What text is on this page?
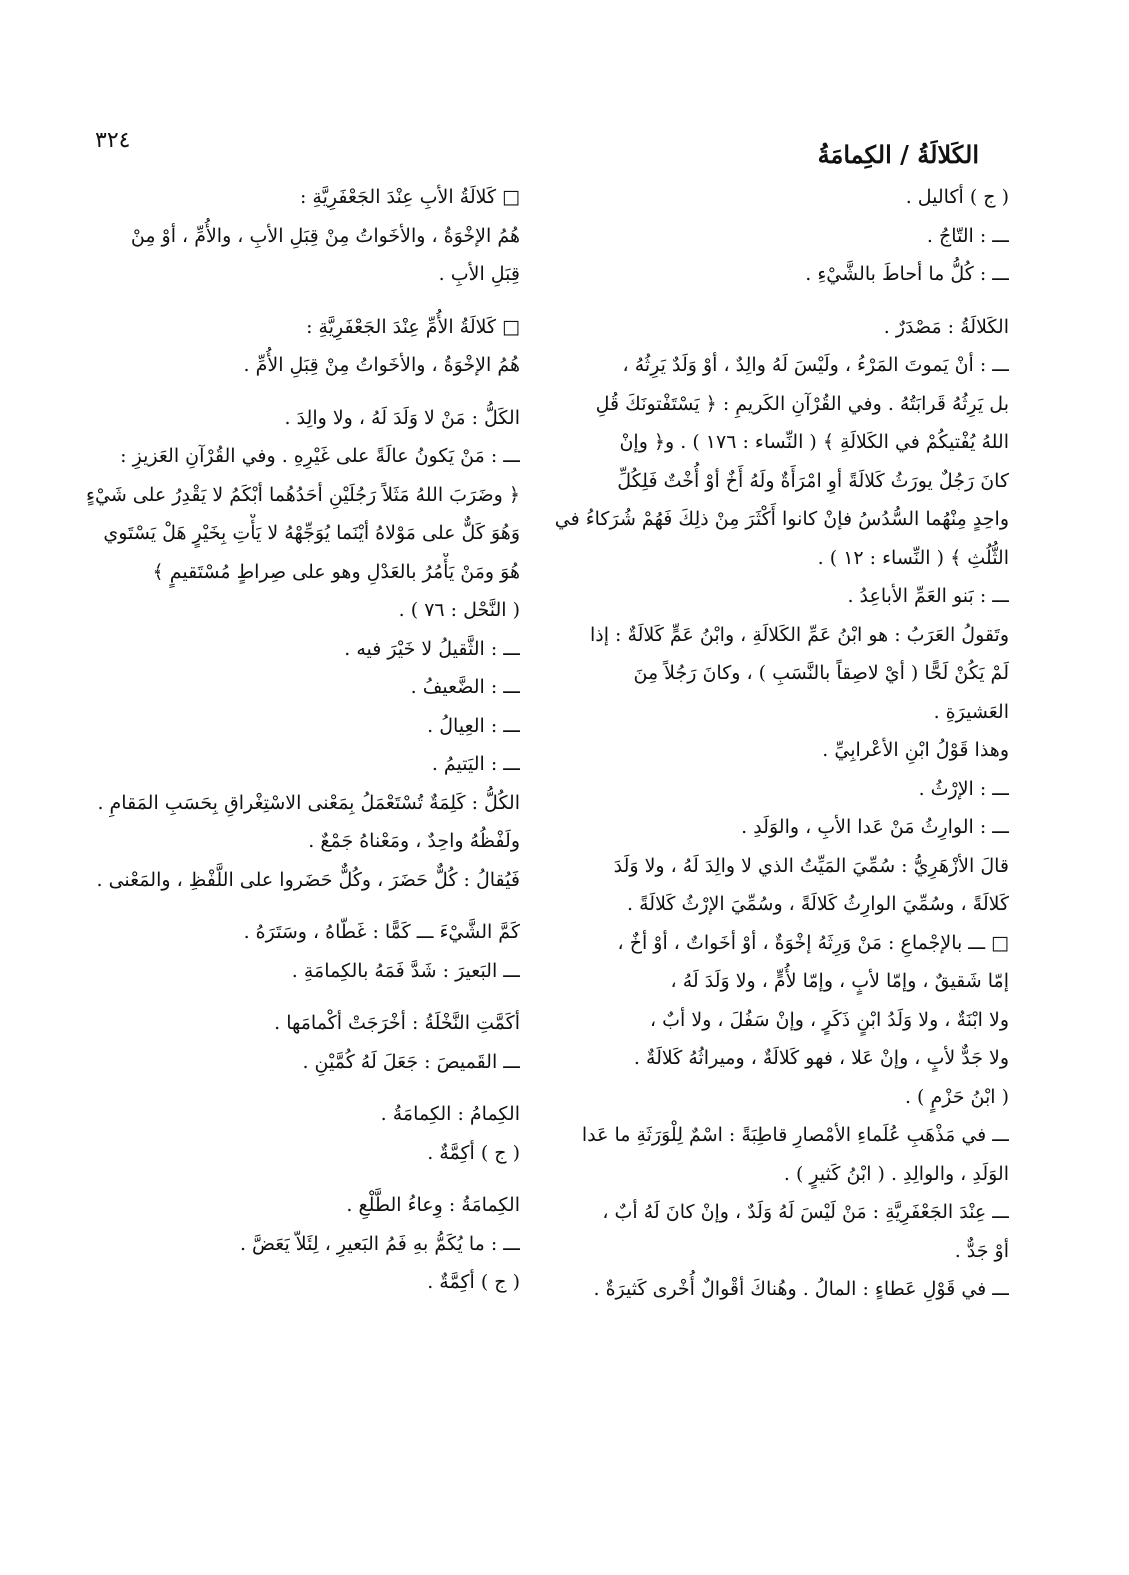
٣٢٤	الكَلالَةُ / الكِمامَةُ
( ج ) أكاليل .
ـــ : التّاجُ .
ـــ : كُلُّ ما أحاطَ بالشَّيْءِ .
الكَلالَةُ : مَصْدَرٌ .
ـــ : أنْ يَموتَ المَرْءُ ، ولَيْسَ لَهُ والِدٌ ، أوْ وَلَدٌ يَرِثُهُ ،
بل يَرِثُهُ قَرابَتُهُ . وفي القُرْآنِ الكَريمِ : ﴿ يَسْتَفْتونَكَ قُلِ
اللهُ يُفْتيكُمْ في الكَلالَةِ ﴾ ( النِّساء : ١٧٦ ) . و﴿ وإنْ
كانَ رَجُلٌ يورَثُ كَلالَةً أوِ امْرَأَةٌ ولَهُ أَخٌ أوْ أُخْتٌ فَلِكُلِّ
واحِدٍ مِنْهُما السُّدُسُ فإنْ كانوا أَكْثَرَ مِنْ ذلِكَ فَهُمْ شُرَكاءُ في
الثُّلُثِ ﴾ ( النِّساء : ١٢ ) .
ـــ : بَنو العَمِّ الأباعِدُ .
وتَقولُ العَرَبُ : هو ابْنُ عَمِّ الكَلالَةِ ، وابْنُ عَمٍّ كَلالَةٌ : إذا
لَمْ يَكُنْ لَحًّا ( أيْ لاصِقاً بالنَّسَبِ ) ، وكانَ رَجُلاً مِنَ
العَشيرَةِ .
وهذا قَوْلُ ابْنِ الأعْرابِيِّ .
ـــ : الإرْثُ .
ـــ : الوارِثُ مَنْ عَدا الأبِ ، والوَلَدِ .
قالَ الأزْهَرِيُّ : سُمِّيَ المَيِّتُ الذي لا والِدَ لَهُ ، ولا وَلَدَ
كَلالَةً ، وسُمِّيَ الوارِثُ كَلالَةً ، وسُمِّيَ الإرْثُ كَلالَةً .
□ ـــ بالإجْماعِ : مَنْ وَرِثَهُ إخْوَةٌ ، أوْ أخَواتٌ ، أوْ أخٌ ،
إمّا شَقيقٌ ، وإمّا لأبٍ ، وإمّا لأُمٍّ ، ولا وَلَدَ لَهُ ،
ولا ابْنَةٌ ، ولا وَلَدُ ابْنٍ ذَكَرٍ ، وإنْ سَفُلَ ، ولا أبٌ ،
ولا جَدٌّ لأبٍ ، وإنْ عَلا ، فهو كَلالَةٌ ، وميراثُهُ كَلالَةٌ .
( ابْنُ حَزْمٍ ) .
ـــ في مَذْهَبِ عُلَماءِ الأمْصارِ قاطِبَةً : اسْمٌ لِلْوَرَثَةِ ما عَدا
الوَلَدِ ، والوالِدِ . ( ابْنُ كَثيرٍ ) .
ـــ عِنْدَ الجَعْفَرِيَّةِ : مَنْ لَيْسَ لَهُ وَلَدٌ ، وإنْ كانَ لَهُ أبٌ ،
أوْ جَدٌّ .
ـــ في قَوْلِ عَطاءٍ : المالُ . وهُناكَ أقْوالٌ أُخْرى كَثيرَةٌ .
□ كَلالَةُ الأبِ عِنْدَ الجَعْفَرِيَّةِ :
هُمُ الإخْوَةُ ، والأخَواتُ مِنْ قِبَلِ الأبِ ، والأُمِّ ، أوْ مِنْ
قِبَلِ الأبِ .
□ كَلالَةُ الأُمِّ عِنْدَ الجَعْفَرِيَّةِ :
هُمُ الإخْوَةُ ، والأخَواتُ مِنْ قِبَلِ الأُمِّ .
الكَلُّ : مَنْ لا وَلَدَ لَهُ ، ولا والِدَ .
ـــ : مَنْ يَكونُ عالَةً على غَيْرِهِ . وفي القُرْآنِ العَزيزِ :
﴿ وضَرَبَ اللهُ مَثَلاً رَجُلَيْنِ أحَدُهُما أبْكَمُ لا يَقْدِرُ على شَيْءٍ
وَهُوَ كَلٌّ على مَوْلاهُ أيْنَما يُوَجِّهْهُ لا يَأْتِ بِخَيْرٍ هَلْ يَسْتَوي
هُوَ ومَنْ يَأْمُرُ بالعَدْلِ وهو على صِراطٍ مُسْتَقيمٍ ﴾
( النَّحْل : ٧٦ ) .
ـــ : الثَّقيلُ لا خَيْرَ فيه .
ـــ : الضَّعيفُ .
ـــ : العِيالُ .
ـــ : اليَتيمُ .
الكُلُّ : كَلِمَةٌ تُسْتَعْمَلُ بِمَعْنى الاسْتِغْراقِ بِحَسَبِ المَقامِ .
ولَفْظُهُ واحِدٌ ، ومَعْناهُ جَمْعٌ .
فَيُقالُ : كُلٌّ حَضَرَ ، وكُلٌّ حَضَروا على اللَّفْظِ ، والمَعْنى .
كَمَّ الشَّيْءَ ـــ كَمًّا : غَطّاهُ ، وسَتَرَهُ .
ـــ البَعيرَ : شَدَّ فَمَهُ بالكِمامَةِ .
أكَمَّتِ النَّخْلَةُ : أخْرَجَتْ أكْمامَها .
ـــ القَميصَ : جَعَلَ لَهُ كُمَّيْنِ .
الكِمامُ : الكِمامَةُ .
( ج ) أكِمَّةٌ .
الكِمامَةُ : وِعاءُ الطَّلْعِ .
ـــ : ما يُكَمُّ بهِ فَمُ البَعيرِ ، لِئَلاّ يَعَضَّ .
( ج ) أكِمَّةٌ .
